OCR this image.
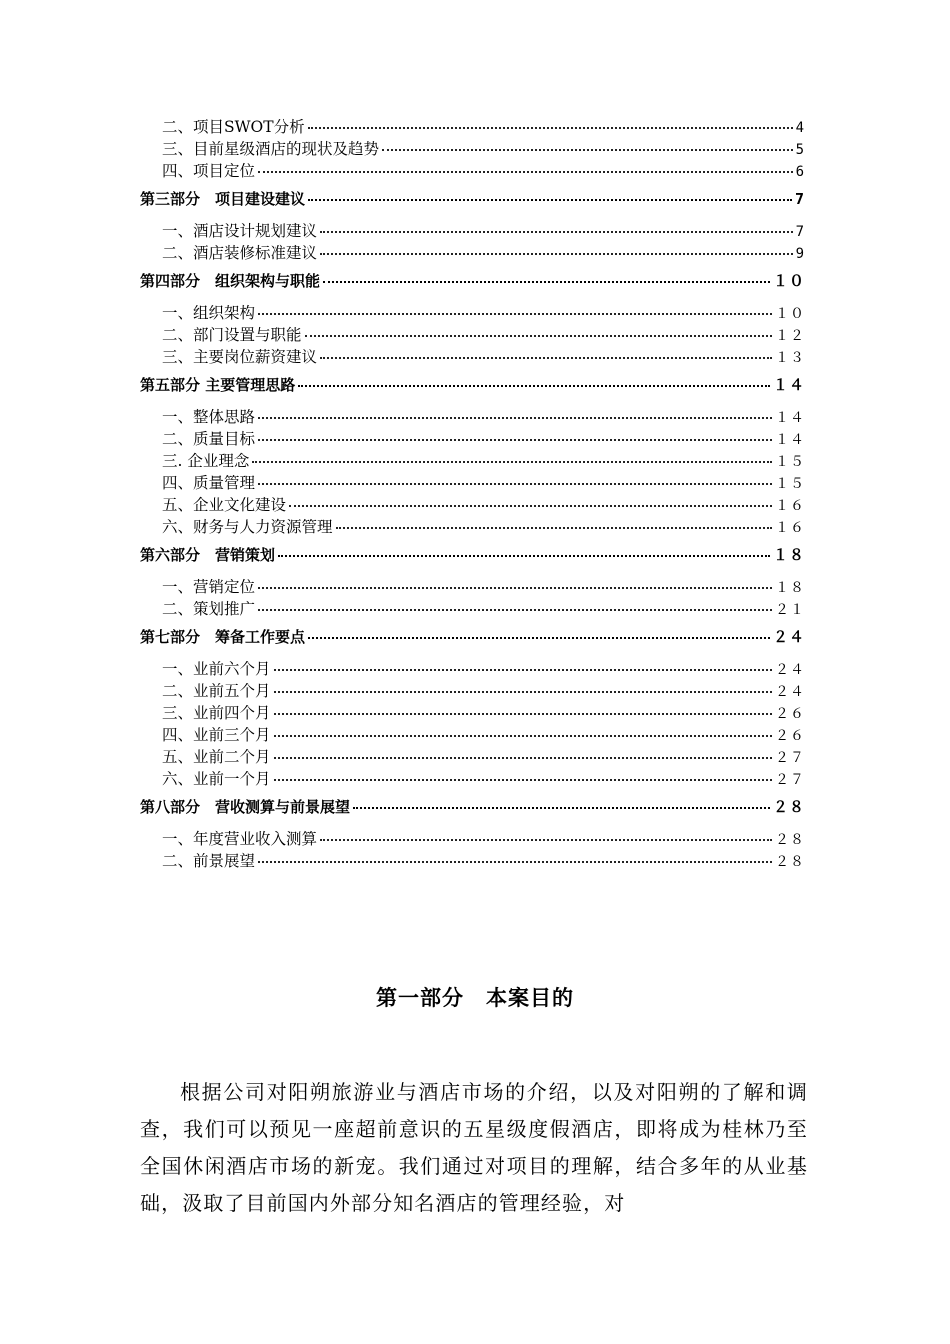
二、项目SWOT分析	4
三、目前星级酒店的现状及趋势	5
四、项目定位	6
第三部分　项目建设建议	7
一、酒店设计规划建议	7
二、酒店装修标准建议	9
第四部分　组织架构与职能	１０
一、组织架构	１０
二、部门设置与职能	１２
三、主要岗位薪资建议	１３
第五部分 主要管理思路	１４
一、整体思路	１４
二、质量目标	１４
三. 企业理念	１５
四、质量管理	１５
五、企业文化建设	１６
六、财务与人力资源管理	１６
第六部分　营销策划	１８
一、营销定位	１８
二、策划推广	２１
第七部分　筹备工作要点	２４
一、业前六个月	２４
二、业前五个月	２４
三、业前四个月	２６
四、业前三个月	２６
五、业前二个月	２７
六、业前一个月	２７
第八部分　营收测算与前景展望	２８
一、年度营业收入测算	２８
二、前景展望	２８
第一部分　本案目的
根据公司对阳朔旅游业与酒店市场的介绍，以及对阳朔的了解和调查，我们可以预见一座超前意识的五星级度假酒店，即将成为桂林乃至全国休闲酒店市场的新宠。我们通过对项目的理解，结合多年的从业基础，汲取了目前国内外部分知名酒店的管理经验，对
